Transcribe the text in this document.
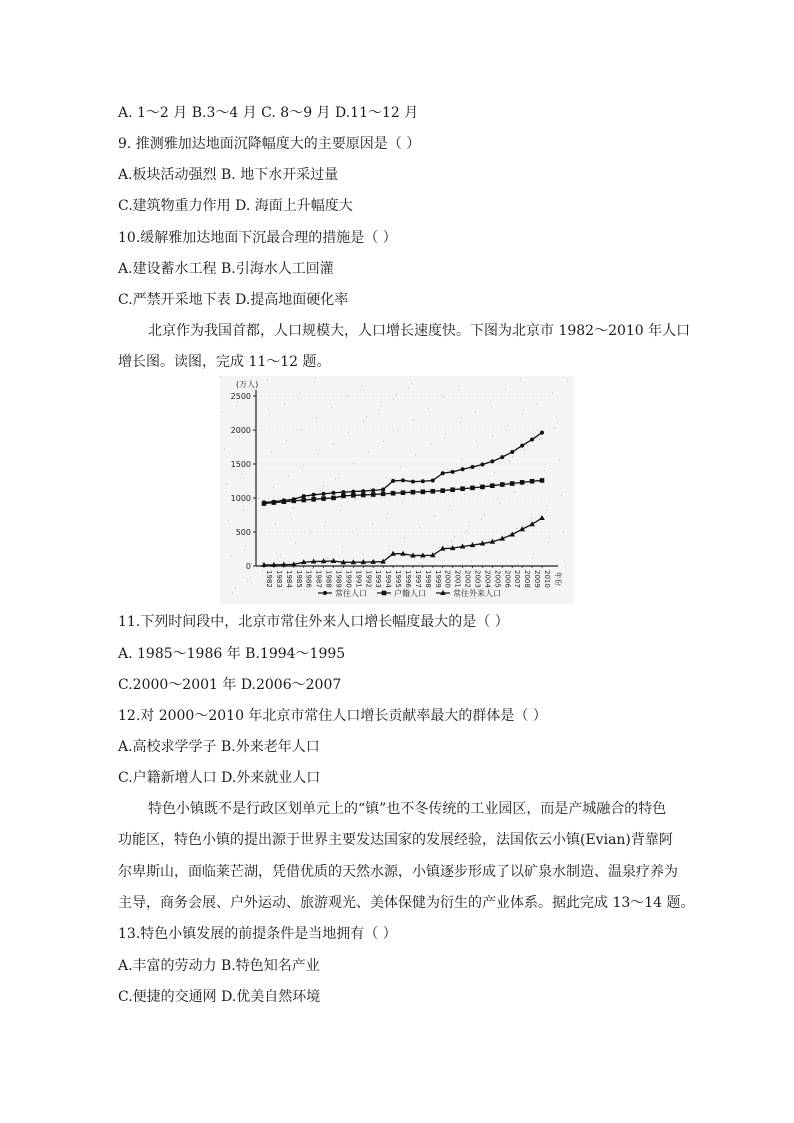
A. 1～2 月 B.3～4 月 C. 8～9 月 D.11～12 月
9. 推测雅加达地面沉降幅度大的主要原因是（ ）
A.板块活动强烈 B. 地下水开采过量
C.建筑物重力作用 D. 海面上升幅度大
10.缓解雅加达地面下沉最合理的措施是（ ）
A.建设蓄水工程 B.引海水人工回灌
C.严禁开采地下表 D.提高地面硬化率
北京作为我国首都，人口规模大，人口增长速度快。下图为北京市 1982～2010 年人口
增长图。读图，完成 11～12 题。
(万人)
0
500
1000
1500
2000
2500
1982 1983 1984 1985 1986 1987 1988 1989 1990 1991 1992 1993 1994 1995 1996 1997 1998 1999 2000 2001 2002 2003 2004 2005 2006 2007 2008 2009 2010 年份
常住人口	户籍人口	常住外来人口
11.下列时间段中，北京市常住外来人口增长幅度最大的是（ ）
A. 1985～1986 年 B.1994～1995
C.2000～2001 年 D.2006～2007
12.对 2000～2010 年北京市常住人口增长贡献率最大的群体是（ ）
A.高校求学学子 B.外来老年人口
C.户籍新增人口 D.外来就业人口
特色小镇既不是行政区划单元上的“镇”也不冬传统的工业园区，而是产城融合的特色
功能区，特色小镇的提出源于世界主要发达国家的发展经验，法国依云小镇(Evian)背靠阿
尔卑斯山，面临莱芒湖，凭借优质的天然水源，小镇逐步形成了以矿泉水制造、温泉疗养为
主导，商务会展、户外运动、旅游观光、美体保健为衍生的产业体系。据此完成 13～14 题。
13.特色小镇发展的前提条件是当地拥有（ ）
A.丰富的劳动力 B.特色知名产业
C.便捷的交通网 D.优美自然环境
